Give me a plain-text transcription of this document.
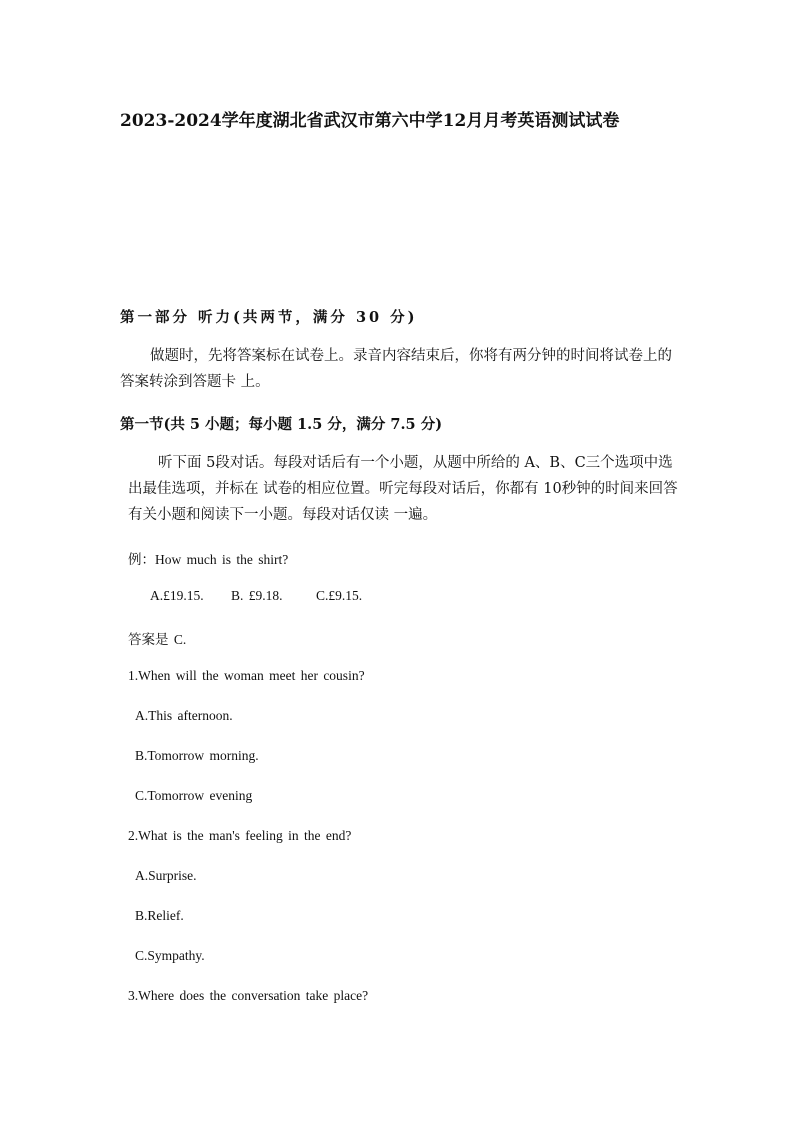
2023-2024学年度湖北省武汉市第六中学12月月考英语测试试卷
第一部分 听力(共两节，满分 30 分)
做题时，先将答案标在试卷上。录音内容结束后，你将有两分钟的时间将试卷上的答案转涂到答题卡 上。
第一节(共 5 小题；每小题 1.5 分，满分 7.5 分)
听下面 5段对话。每段对话后有一个小题，从题中所给的 A、B、C三个选项中选出最佳选项，并标在 试卷的相应位置。听完每段对话后，你都有 10秒钟的时间来回答有关小题和阅读下一小题。每段对话仅读 一遍。
例：How much is the shirt?
A.£19.15. B. £9.18. C.£9.15.
答案是 C.
1.When will the woman meet her cousin?
A.This afternoon.
B.Tomorrow morning.
C.Tomorrow evening
2.What is the man's feeling in the end?
A.Surprise.
B.Relief.
C.Sympathy.
3.Where does the conversation take place?
